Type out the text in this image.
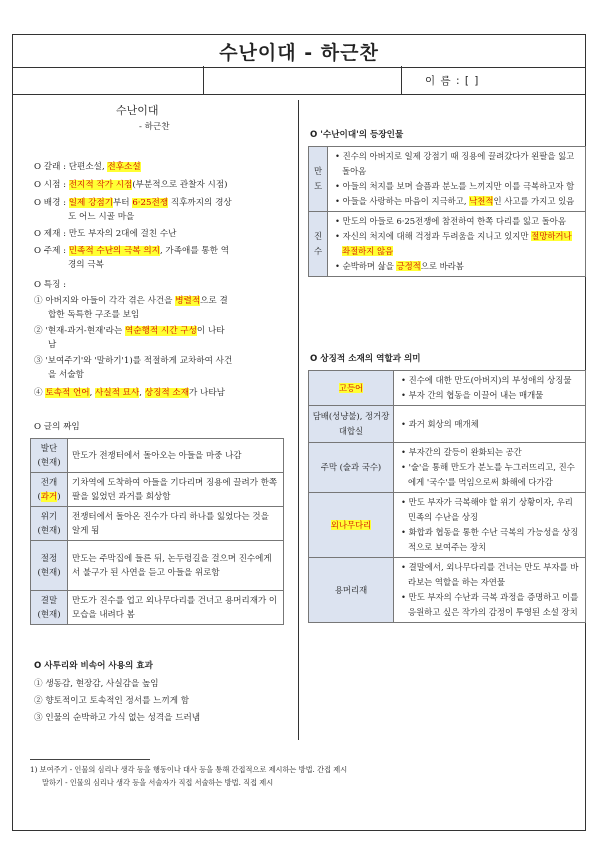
수난이대 - 하근찬
이 름 : [ ]
수난이대
- 하근찬
O 갈래 : 단편소설, 전후소설
O 시점 : 전지적 작가 시점(부분적으로 관찰자 시점)
O 배경 : 일제 강점기부터 6·25전쟁 직후까지의 경상
도 어느 시골 마을
O 제재 : 만도 부자의 2대에 걸친 수난
O 주제 : 민족적 수난의 극복 의지, 가족애를 통한 역
경의 극복
O 특징 :
① 아버지와 아들이 각각 겪은 사건을 병렬적으로 결
합한 독특한 구조를 보임
② '현재-과거-현재'라는 역순행적 시간 구성이 나타
남
③ '보여주기'와 '말하기'1)를 적절하게 교차하여 사건
을 서술함
④ 토속적 언어, 사실적 묘사, 상징적 소재가 나타남
O 글의 짜임
발단
(현재)	만도가 전쟁터에서 돌아오는 아들을 마중 나감
전개
(과거)	기차역에 도착하여 아들을 기다리며 징용에 끌려가 한쪽 팔을 잃었던 과거를 회상함
위기
(현재)	전쟁터에서 돌아온 진수가 다리 하나를 잃었다는 것을 알게 됨
절정
(현재)	만도는 주막집에 들른 뒤, 논두렁길을 걸으며 진수에게서 불구가 된 사연을 듣고 아들을 위로함
결말
(현재)	만도가 진수를 업고 외나무다리를 건너고 용머리재가 이 모습을 내려다 봄
O 사투리와 비속어 사용의 효과
① 생동감, 현장감, 사실감을 높임
② 향토적이고 토속적인 정서를 느끼게 함
③ 인물의 순박하고 가식 없는 성격을 드러냄
O '수난이대'의 등장인물
만도	• 진수의 아버지로 일제 강점기 때 징용에 끌려갔다가 왼팔을 잃고 돌아옴
• 아들의 처지를 보며 슬픔과 분노를 느끼지만 이를 극복하고자 함
• 아들을 사랑하는 마음이 지극하고, 낙천적인 사고를 가지고 있음

진수	• 만도의 아들로 6·25전쟁에 참전하여 한쪽 다리를 잃고 돌아옴
• 자신의 처지에 대해 걱정과 두려움을 지니고 있지만 절망하거나 좌절하지 않음
• 순박하며 삶을 긍정적으로 바라봄
O 상징적 소재의 역할과 의미
고등어	• 진수에 대한 만도(아버지)의 부성애의 상징물
• 부자 간의 협동을 이끌어 내는 매개물

담배(성냥불), 정거장 대합실	• 과거 회상의 매개체

주막 (술과 국수)	• 부자간의 갈등이 완화되는 공간
• '술'을 통해 만도가 분노를 누그러뜨리고, 진수에게 '국수'를 먹임으로써 화해에 다가감

외나무다리	• 만도 부자가 극복해야 할 위기 상황이자, 우리 민족의 수난을 상징
• 화합과 협동을 통한 수난 극복의 가능성을 상징적으로 보여주는 장치

용머리재	• 결말에서, 외나무다리를 건너는 만도 부자를 바라보는 역할을 하는 자연물
• 만도 부자의 수난과 극복 과정을 증명하고 이를 응원하고 싶은 작가의 감정이 투영된 소설 장치
1) 보여주기 - 인물의 심리나 생각 등을 행동이나 대사 등을 통해 간접적으로 제시하는 방법. 간접 제시
말하기 - 인물의 심리나 생각 등을 서술자가 직접 서술하는 방법. 직접 제시
